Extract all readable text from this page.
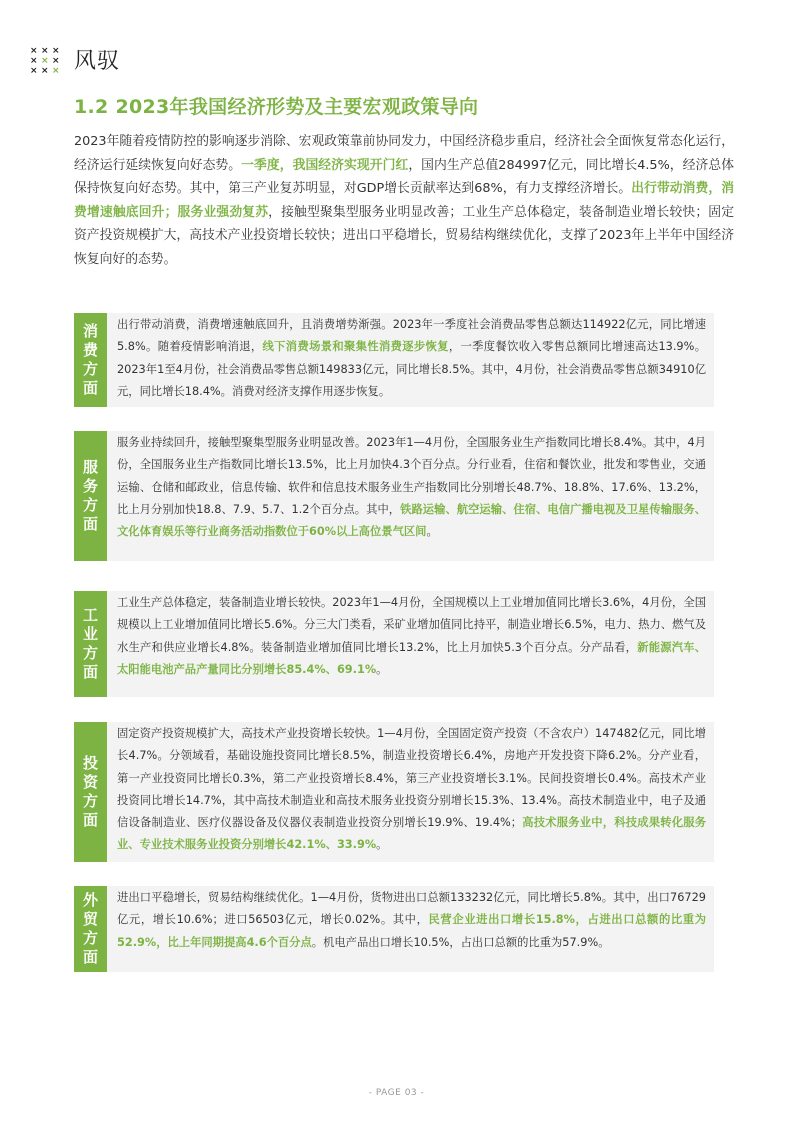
× × ×
× × ×
× × × 风驭
1.2 2023年我国经济形势及主要宏观政策导向
2023年随着疫情防控的影响逐步消除、宏观政策靠前协同发力，中国经济稳步重启，经济社会全面恢复常态化运行，经济运行延续恢复向好态势。一季度，我国经济实现开门红，国内生产总值284997亿元，同比增长4.5%，经济总体保持恢复向好态势。其中，第三产业复苏明显，对GDP增长贡献率达到68%，有力支撑经济增长。出行带动消费，消费增速触底回升；服务业强劲复苏，接触型聚集型服务业明显改善；工业生产总体稳定，装备制造业增长较快；固定资产投资规模扩大，高技术产业投资增长较快；进出口平稳增长，贸易结构继续优化，支撑了2023年上半年中国经济恢复向好的态势。
消
费
方
面
出行带动消费，消费增速触底回升，且消费增势渐强。2023年一季度社会消费品零售总额达114922亿元，同比增速5.8%。随着疫情影响消退，线下消费场景和聚集性消费逐步恢复，一季度餐饮收入零售总额同比增速高达13.9%。2023年1至4月份，社会消费品零售总额149833亿元，同比增长8.5%。其中，4月份，社会消费品零售总额34910亿元，同比增长18.4%。消费对经济支撑作用逐步恢复。
服
务
方
面
服务业持续回升，接触型聚集型服务业明显改善。2023年1—4月份，全国服务业生产指数同比增长8.4%。其中，4月份，全国服务业生产指数同比增长13.5%，比上月加快4.3个百分点。分行业看，住宿和餐饮业，批发和零售业，交通运输、仓储和邮政业，信息传输、软件和信息技术服务业生产指数同比分别增长48.7%、18.8%、17.6%、13.2%，比上月分别加快18.8、7.9、5.7、1.2个百分点。其中，铁路运输、航空运输、住宿、电信广播电视及卫星传输服务、文化体育娱乐等行业商务活动指数位于60%以上高位景气区间。
工
业
方
面
工业生产总体稳定，装备制造业增长较快。2023年1—4月份，全国规模以上工业增加值同比增长3.6%，4月份，全国规模以上工业增加值同比增长5.6%。分三大门类看，采矿业增加值同比持平，制造业增长6.5%，电力、热力、燃气及水生产和供应业增长4.8%。装备制造业增加值同比增长13.2%，比上月加快5.3个百分点。分产品看，新能源汽车、太阳能电池产品产量同比分别增长85.4%、69.1%。
投
资
方
面
固定资产投资规模扩大，高技术产业投资增长较快。1—4月份，全国固定资产投资（不含农户）147482亿元，同比增长4.7%。分领域看，基础设施投资同比增长8.5%，制造业投资增长6.4%，房地产开发投资下降6.2%。分产业看，第一产业投资同比增长0.3%，第二产业投资增长8.4%，第三产业投资增长3.1%。民间投资增长0.4%。高技术产业投资同比增长14.7%，其中高技术制造业和高技术服务业投资分别增长15.3%、13.4%。高技术制造业中，电子及通信设备制造业、医疗仪器设备及仪器仪表制造业投资分别增长19.9%、19.4%；高技术服务业中，科技成果转化服务业、专业技术服务业投资分别增长42.1%、33.9%。
外
贸
方
面
进出口平稳增长，贸易结构继续优化。1—4月份，货物进出口总额133232亿元，同比增长5.8%。其中，出口76729亿元，增长10.6%；进口56503亿元，增长0.02%。其中，民营企业进出口增长15.8%，占进出口总额的比重为52.9%，比上年同期提高4.6个百分点。机电产品出口增长10.5%，占出口总额的比重为57.9%。
- PAGE 03 -
